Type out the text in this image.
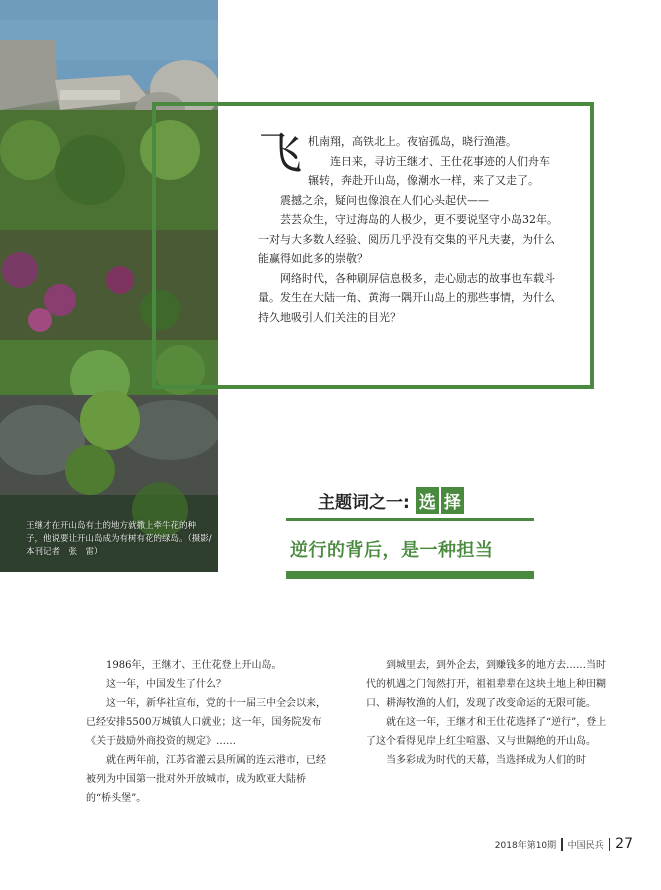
王继才在开山岛有土的地方就撒上牵牛花的种子，他说要让开山岛成为有树有花的绿岛。（摄影/本刊记者　张　雷）
飞 机南翔，高铁北上。夜宿孤岛，晓行渔港。

连日来，寻访王继才、王仕花事迹的人们舟车辗转，奔赴开山岛，像潮水一样，来了又走了。

震撼之余，疑问也像浪在人们心头起伏——

芸芸众生，守过海岛的人极少，更不要说坚守小岛32年。一对与大多数人经验、阅历几乎没有交集的平凡夫妻，为什么能赢得如此多的崇敬？

网络时代，各种刷屏信息极多，走心励志的故事也车载斗量。发生在大陆一角、黄海一隅开山岛上的那些事情，为什么持久地吸引人们关注的目光？

主题词之一: 选 择
逆行的背后，是一种担当

1986年，王继才、王仕花登上开山岛。

这一年，中国发生了什么？

这一年，新华社宣布，党的十一届三中全会以来，已经安排5500万城镇人口就业；这一年，国务院发布《关于鼓励外商投资的规定》……

就在两年前，江苏省灌云县所属的连云港市，已经被列为中国第一批对外开放城市，成为欧亚大陆桥的“桥头堡”。

到城里去，到外企去，到赚钱多的地方去……当时代的机遇之门訇然打开，祖祖辈辈在这块土地上种田糊口、耕海牧渔的人们，发现了改变命运的无限可能。

就在这一年，王继才和王仕花选择了“逆行”，登上了这个看得见岸上红尘喧嚣、又与世隔绝的开山岛。

当多彩成为时代的天幕，当选择成为人们的时

2018年第10期 中国民兵 27
